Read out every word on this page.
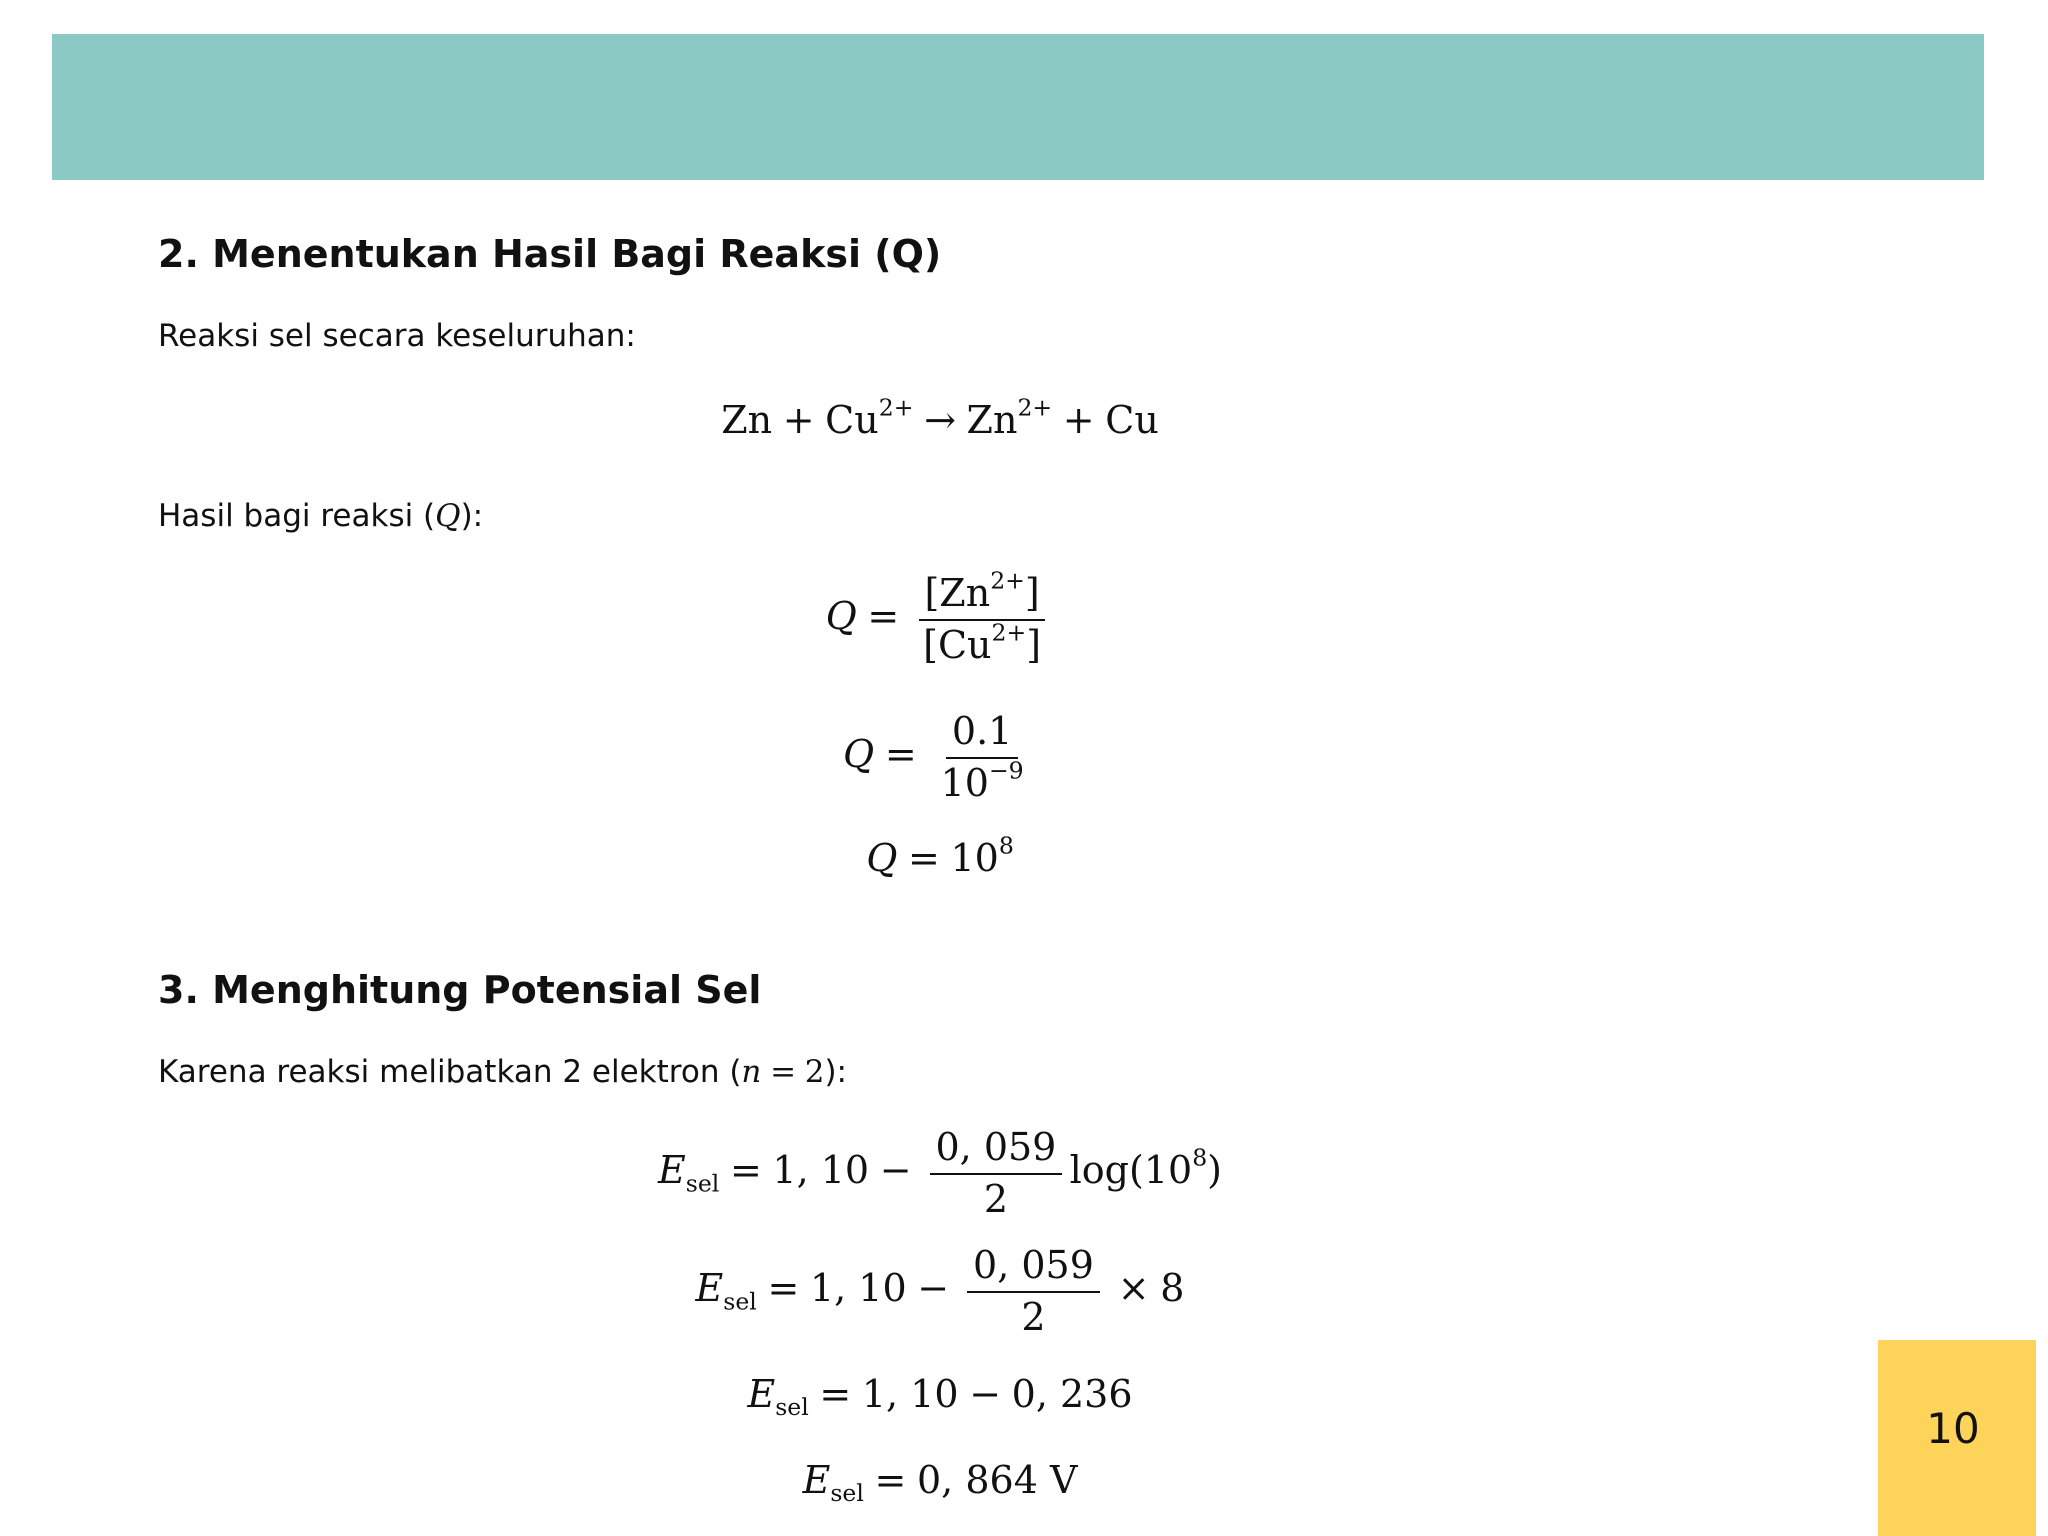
2. Menentukan Hasil Bagi Reaksi (Q)
Reaksi sel secara keseluruhan:
$Zn + Cu^{2+} \to Zn^{2+} + Cu$
Hasil bagi reaksi (Q):
$Q = \frac{[Zn^{2+}]}{[Cu^{2+}]}$
$Q = \frac{0.1}{10^{-9}}$
$Q = 10^8$
3. Menghitung Potensial Sel
Karena reaksi melibatkan 2 elektron (n = 2):
$E_{sel} = 1$, $10 - \frac{0, 059}{2} \log(10^8)$
$E_{sel} = 1$, $10 - \frac{0, 059}{2} \times 8$
$E_{sel} = 1$, 10 − 0, 236
$E_{sel} = 0$, 864 V
10
